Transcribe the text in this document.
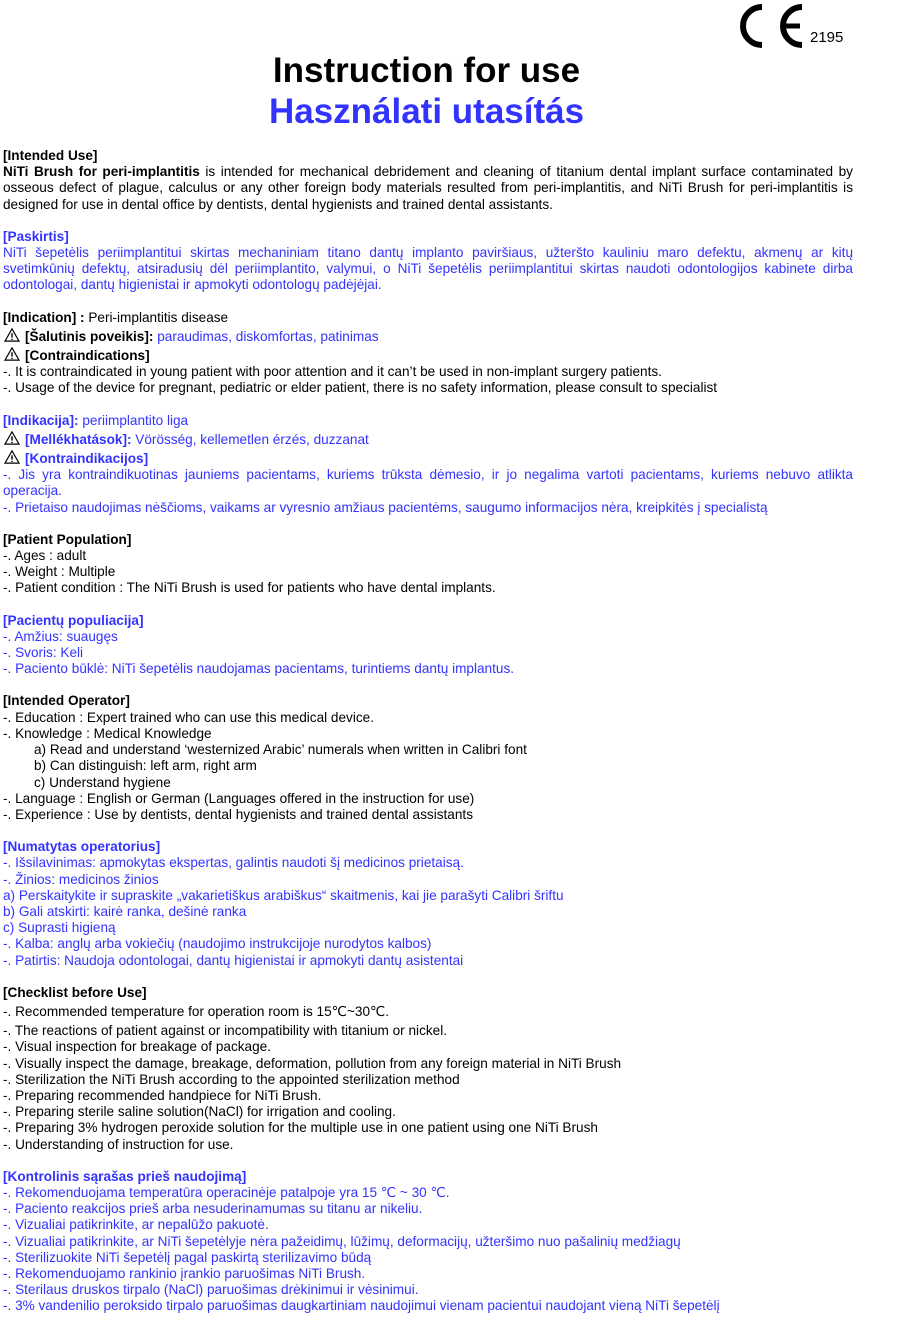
2195
Instruction for use
Használati utasítás

[Intended Use]

NiTi Brush for peri-implantitis is intended for mechanical debridement and cleaning of titanium dental implant surface contaminated by osseous defect of plague, calculus or any other foreign body materials resulted from peri-implantitis, and NiTi Brush for peri-implantitis is designed for use in dental office by dentists, dental hygienists and trained dental assistants.

[Paskirtis]

NiTi šepetėlis periimplantitui skirtas mechaniniam titano dantų implanto paviršiaus, užteršto kauliniu maro defektu, akmenų ar kitų svetimkūnių defektų, atsiradusių dėl periimplantito, valymui, o NiTi šepetėlis periimplantitui skirtas naudoti odontologijos kabinete dirba odontologai, dantų higienistai ir apmokyti odontologų padėjėjai.

[Indication] : Peri-implantitis disease

[Šalutinis poveikis]: paraudimas, diskomfortas, patinimas

[Contraindications]

-. It is contraindicated in young patient with poor attention and it can’t be used in non-implant surgery patients.

-. Usage of the device for pregnant, pediatric or elder patient, there is no safety information, please consult to specialist

[Indikacija]: periimplantito liga

[Mellékhatások]: Vörösség, kellemetlen érzés, duzzanat

[Kontraindikacijos]

-. Jis yra kontraindikuotinas jauniems pacientams, kuriems trūksta dėmesio, ir jo negalima vartoti pacientams, kuriems nebuvo atlikta operacija.

-. Prietaiso naudojimas nėščioms, vaikams ar vyresnio amžiaus pacientėms, saugumo informacijos nėra, kreipkitės į specialistą

[Patient Population]

-. Ages : adult

-. Weight : Multiple

-. Patient condition : The NiTi Brush is used for patients who have dental implants.

[Pacientų populiacija]

-. Amžius: suaugęs

-. Svoris: Keli

-. Paciento būklė: NiTi šepetėlis naudojamas pacientams, turintiems dantų implantus.

[Intended Operator]

-. Education : Expert trained who can use this medical device.

-. Knowledge : Medical Knowledge

a) Read and understand ‘westernized Arabic’ numerals when written in Calibri font

b) Can distinguish: left arm, right arm

c) Understand hygiene

-. Language : English or German (Languages offered in the instruction for use)

-. Experience : Use by dentists, dental hygienists and trained dental assistants

[Numatytas operatorius]

-. Išsilavinimas: apmokytas ekspertas, galintis naudoti šį medicinos prietaisą.

-. Žinios: medicinos žinios

a) Perskaitykite ir supraskite „vakarietiškus arabiškus“ skaitmenis, kai jie parašyti Calibri šriftu

b) Gali atskirti: kairė ranka, dešinė ranka

c) Suprasti higieną

-. Kalba: anglų arba vokiečių (naudojimo instrukcijoje nurodytos kalbos)

-. Patirtis: Naudoja odontologai, dantų higienistai ir apmokyti dantų asistentai

[Checklist before Use]

-. Recommended temperature for operation room is 15℃~30℃.

-. The reactions of patient against or incompatibility with titanium or nickel.

-. Visual inspection for breakage of package.

-. Visually inspect the damage, breakage, deformation, pollution from any foreign material in NiTi Brush

-. Sterilization the NiTi Brush according to the appointed sterilization method

-. Preparing recommended handpiece for NiTi Brush.

-. Preparing sterile saline solution(NaCl) for irrigation and cooling.

-. Preparing 3% hydrogen peroxide solution for the multiple use in one patient using one NiTi Brush

-. Understanding of instruction for use.

[Kontrolinis sąrašas prieš naudojimą]

-. Rekomenduojama temperatūra operacinėje patalpoje yra 15 ℃ ~ 30 ℃.

-. Paciento reakcijos prieš arba nesuderinamumas su titanu ar nikeliu.

-. Vizualiai patikrinkite, ar nepalūžo pakuotė.

-. Vizualiai patikrinkite, ar NiTi šepetėlyje nėra pažeidimų, lūžimų, deformacijų, užteršimo nuo pašalinių medžiagų

-. Sterilizuokite NiTi šepetėlį pagal paskirtą sterilizavimo būdą

-. Rekomenduojamo rankinio įrankio paruošimas NiTi Brush.

-. Sterilaus druskos tirpalo (NaCl) paruošimas drėkinimui ir vėsinimui.

-. 3% vandenilio peroksido tirpalo paruošimas daugkartiniam naudojimui vienam pacientui naudojant vieną NiTi šepetėlį
